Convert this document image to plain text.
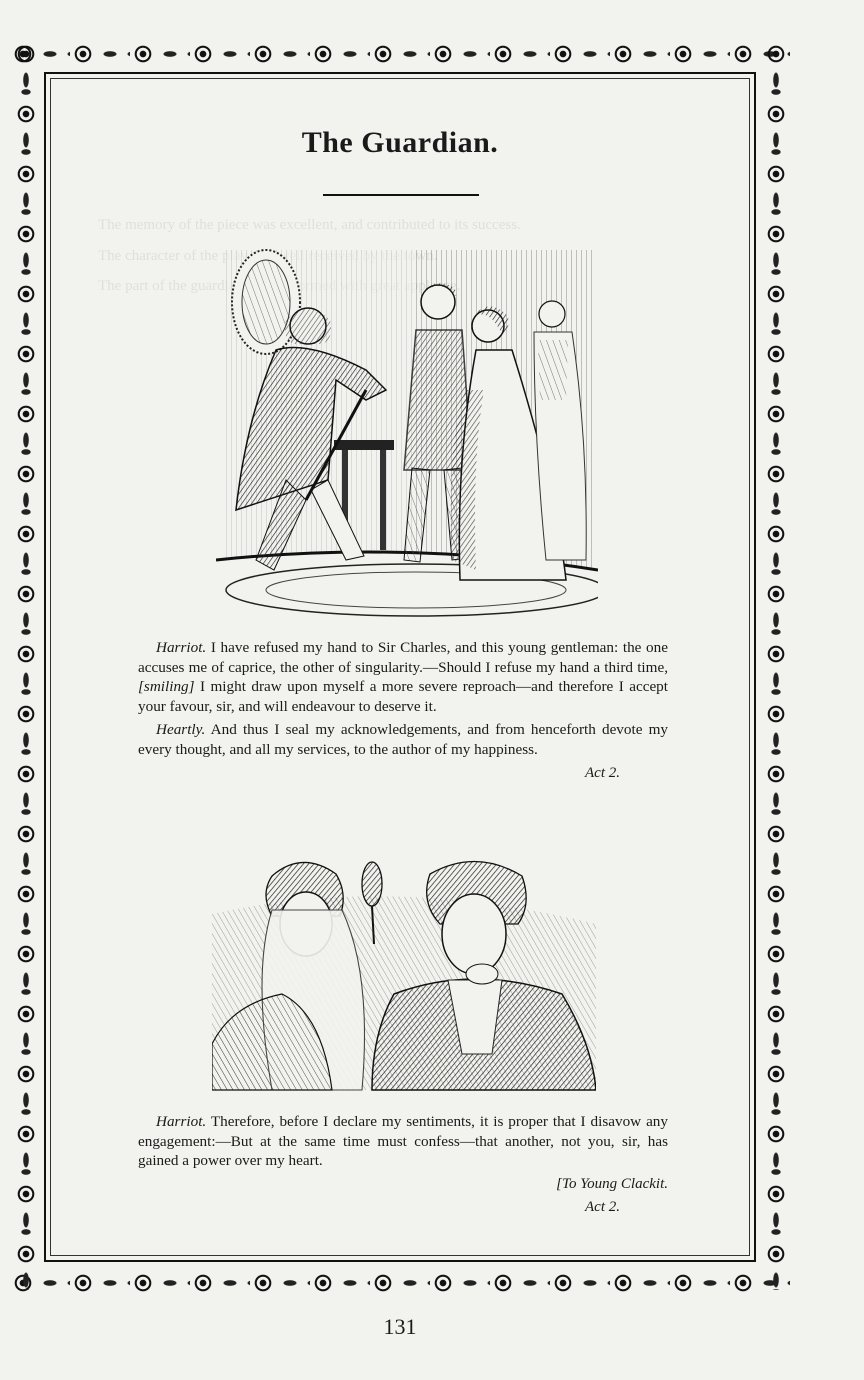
The memory of the piece was excellent, and contributed to its success.

The character of the

The part of the guardian

The Guardian.

Harriot. I have refused my hand to Sir Charles, and this young gentleman: the one accuses me of caprice, the other of singularity.—Should I refuse my hand a third time, [smiling] I might draw upon myself a more severe reproach—and therefore I accept your favour, sir, and will endeavour to deserve it.

Heartly. And thus I seal my acknowledgements, and from henceforth devote my every thought, and all my services, to the author of my happiness.

Act 2.

Harriot. Therefore, before I declare my sentiments, it is proper that I disavow any engagement:—But at the same time must confess—that another, not you, sir, has gained a power over my heart.

[To Young Clackit.
Act 2.
131
